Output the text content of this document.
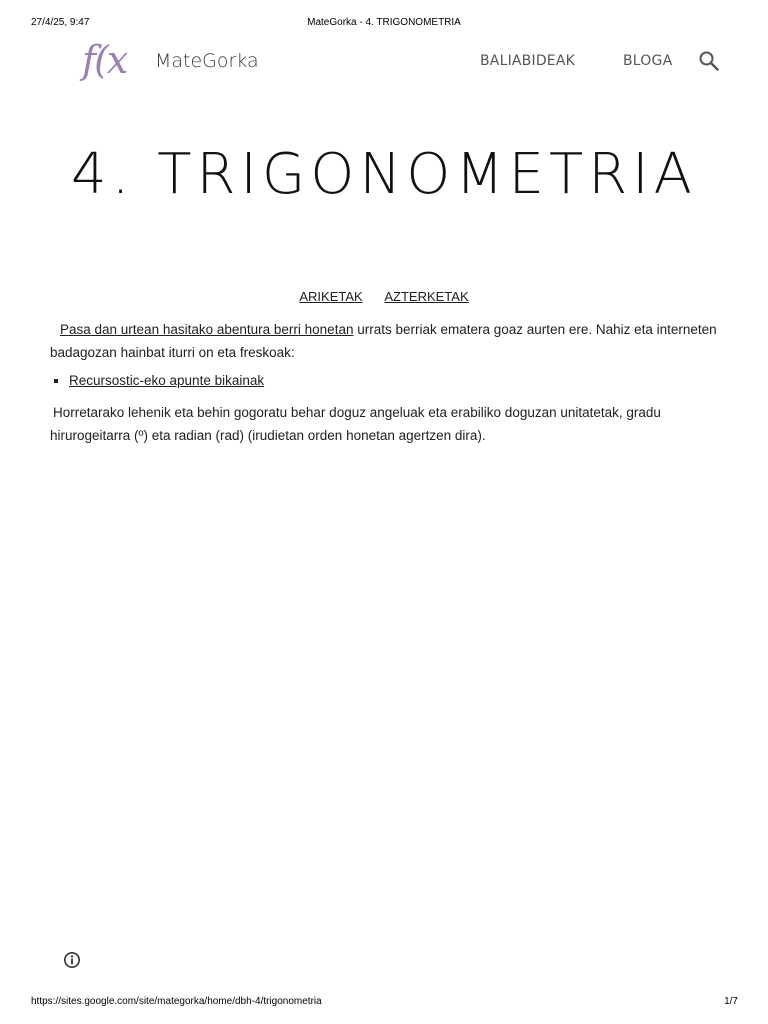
27/4/25, 9:47	MateGorka - 4. TRIGONOMETRIA
f(x MateGorka	BALIABIDEAK	BLOGA
4. TRIGONOMETRIA
ARIKETAK AZTERKETAK

Pasa dan urtean hasitako abentura berri honetan urrats berriak ematera goaz aurten ere. Nahiz eta interneten badagozan hainbat iturri on eta freskoak:

▪ Recursostic-eko apunte bikainak

Horretarako lehenik eta behin gogoratu behar doguz angeluak eta erabiliko doguzan unitatetak, gradu hirurogeitarra (º) eta radian (rad) (irudietan orden honetan agertzen dira).

https://sites.google.com/site/mategorka/home/dbh-4/trigonometria	1/7
